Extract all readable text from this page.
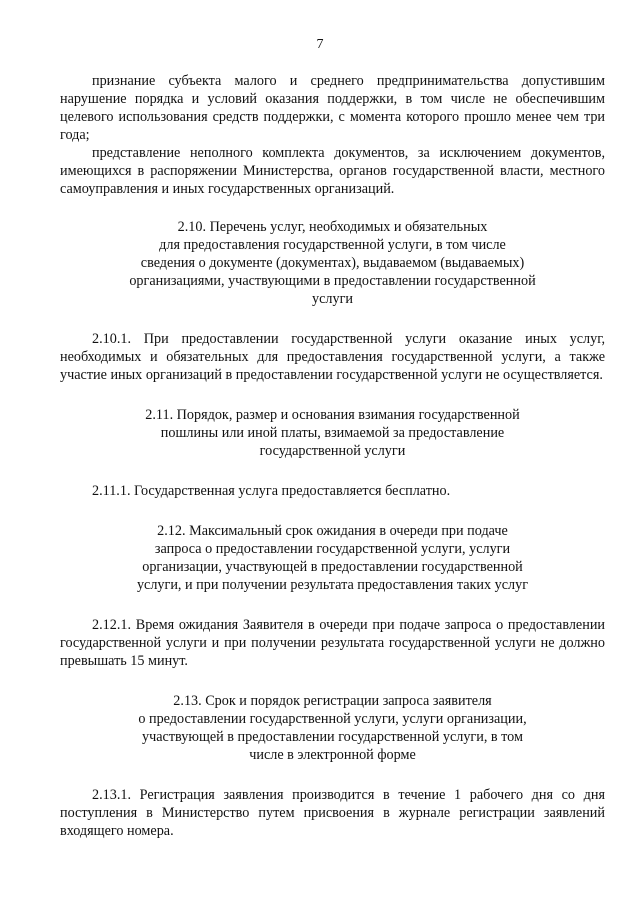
7

признание субъекта малого и среднего предпринимательства допустившим нарушение порядка и условий оказания поддержки, в том числе не обеспечившим целевого использования средств поддержки, с момента которого прошло менее чем три года;

представление неполного комплекта документов, за исключением документов, имеющихся в распоряжении Министерства, органов государственной власти, местного самоуправления и иных государственных организаций.

2.10. Перечень услуг, необходимых и обязательных
для предоставления государственной услуги, в том числе
сведения о документе (документах), выдаваемом (выдаваемых)
организациями, участвующими в предоставлении государственной
услуги

2.10.1. При предоставлении государственной услуги оказание иных услуг, необходимых и обязательных для предоставления государственной услуги, а также участие иных организаций в предоставлении государственной услуги не осуществляется.

2.11. Порядок, размер и основания взимания государственной
пошлины или иной платы, взимаемой за предоставление
государственной услуги

2.11.1. Государственная услуга предоставляется бесплатно.

2.12. Максимальный срок ожидания в очереди при подаче
запроса о предоставлении государственной услуги, услуги
организации, участвующей в предоставлении государственной
услуги, и при получении результата предоставления таких услуг

2.12.1. Время ожидания Заявителя в очереди при подаче запроса о предоставлении государственной услуги и при получении результата государственной услуги не должно превышать 15 минут.

2.13. Срок и порядок регистрации запроса заявителя
о предоставлении государственной услуги, услуги организации,
участвующей в предоставлении государственной услуги, в том
числе в электронной форме

2.13.1. Регистрация заявления производится в течение 1 рабочего дня со дня поступления в Министерство путем присвоения в журнале регистрации заявлений входящего номера.
